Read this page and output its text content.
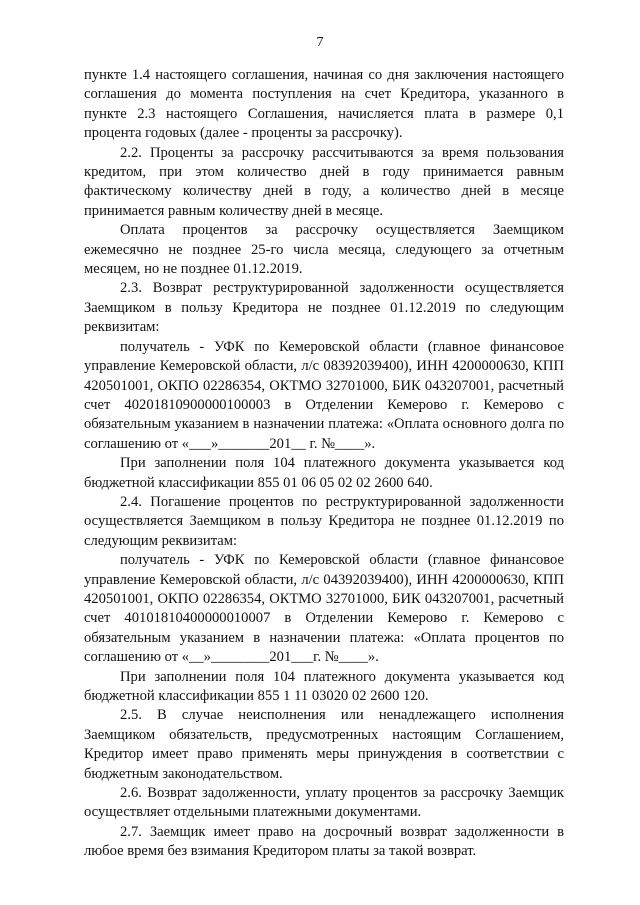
7

пункте 1.4 настоящего соглашения, начиная со дня заключения настоящего соглашения до момента поступления на счет Кредитора, указанного в пункте 2.3 настоящего Соглашения, начисляется плата в размере 0,1 процента годовых (далее - проценты за рассрочку).

2.2. Проценты за рассрочку рассчитываются за время пользования кредитом, при этом количество дней в году принимается равным фактическому количеству дней в году, а количество дней в месяце принимается равным количеству дней в месяце.

Оплата процентов за рассрочку осуществляется Заемщиком ежемесячно не позднее 25-го числа месяца, следующего за отчетным месяцем, но не позднее 01.12.2019.

2.3. Возврат реструктурированной задолженности осуществляется Заемщиком в пользу Кредитора не позднее 01.12.2019 по следующим реквизитам:

получатель - УФК по Кемеровской области (главное финансовое управление Кемеровской области, л/с 08392039400), ИНН 4200000630, КПП 420501001, ОКПО 02286354, ОКТМО 32701000, БИК 043207001, расчетный счет 40201810900000100003 в Отделении Кемерово г. Кемерово с обязательным указанием в назначении платежа: «Оплата основного долга по соглашению от «___»_______201__ г. №____».

При заполнении поля 104 платежного документа указывается код бюджетной классификации 855 01 06 05 02 02 2600 640.

2.4. Погашение процентов по реструктурированной задолженности осуществляется Заемщиком в пользу Кредитора не позднее 01.12.2019 по следующим реквизитам:

получатель - УФК по Кемеровской области (главное финансовое управление Кемеровской области, л/с 04392039400), ИНН 4200000630, КПП 420501001, ОКПО 02286354, ОКТМО 32701000, БИК 043207001, расчетный счет 40101810400000010007 в Отделении Кемерово г. Кемерово с обязательным указанием в назначении платежа: «Оплата процентов по соглашению от «__»________201___г. №____».

При заполнении поля 104 платежного документа указывается код бюджетной классификации 855 1 11 03020 02 2600 120.

2.5. В случае неисполнения или ненадлежащего исполнения Заемщиком обязательств, предусмотренных настоящим Соглашением, Кредитор имеет право применять меры принуждения в соответствии с бюджетным законодательством.

2.6. Возврат задолженности, уплату процентов за рассрочку Заемщик осуществляет отдельными платежными документами.

2.7. Заемщик имеет право на досрочный возврат задолженности в любое время без взимания Кредитором платы за такой возврат.
